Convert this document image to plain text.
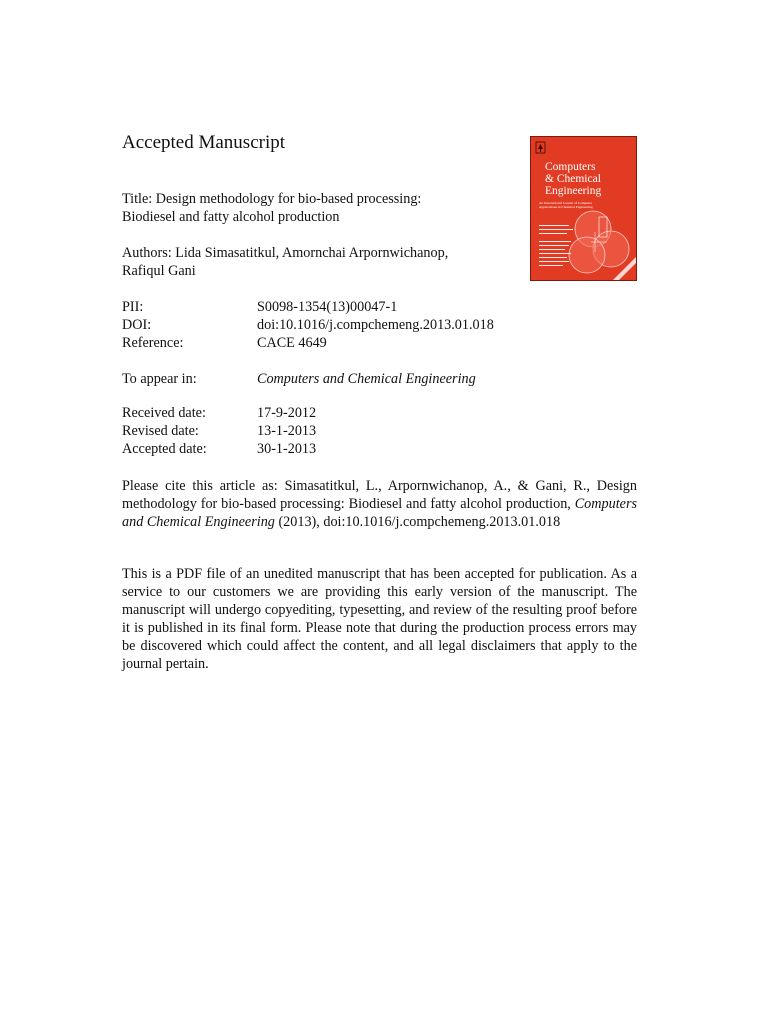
Accepted Manuscript
Title: Design methodology for bio-based processing:
Biodiesel and fatty alcohol production
Authors: Lida Simasatitkul, Amornchai Arpornwichanop,
Rafiqul Gani
PII:	S0098-1354(13)00047-1
DOI:	doi:10.1016/j.compchemeng.2013.01.018
Reference:	CACE 4649
To appear in:	Computers and Chemical Engineering
Received date:	17-9-2012
Revised date:	13-1-2013
Accepted date:	30-1-2013

Please cite this article as: Simasatitkul, L., Arpornwichanop, A., & Gani, R., Design methodology for bio-based processing: Biodiesel and fatty alcohol production, Computers and Chemical Engineering (2013), doi:10.1016/j.compchemeng.2013.01.018

This is a PDF file of an unedited manuscript that has been accepted for publication. As a service to our customers we are providing this early version of the manuscript. The manuscript will undergo copyediting, typesetting, and review of the resulting proof before it is published in its final form. Please note that during the production process errors may be discovered which could affect the content, and all legal disclaimers that apply to the journal pertain.

Computers
& Chemical
Engineering
An International Journal of Computer Applications in Chemical Engineering
